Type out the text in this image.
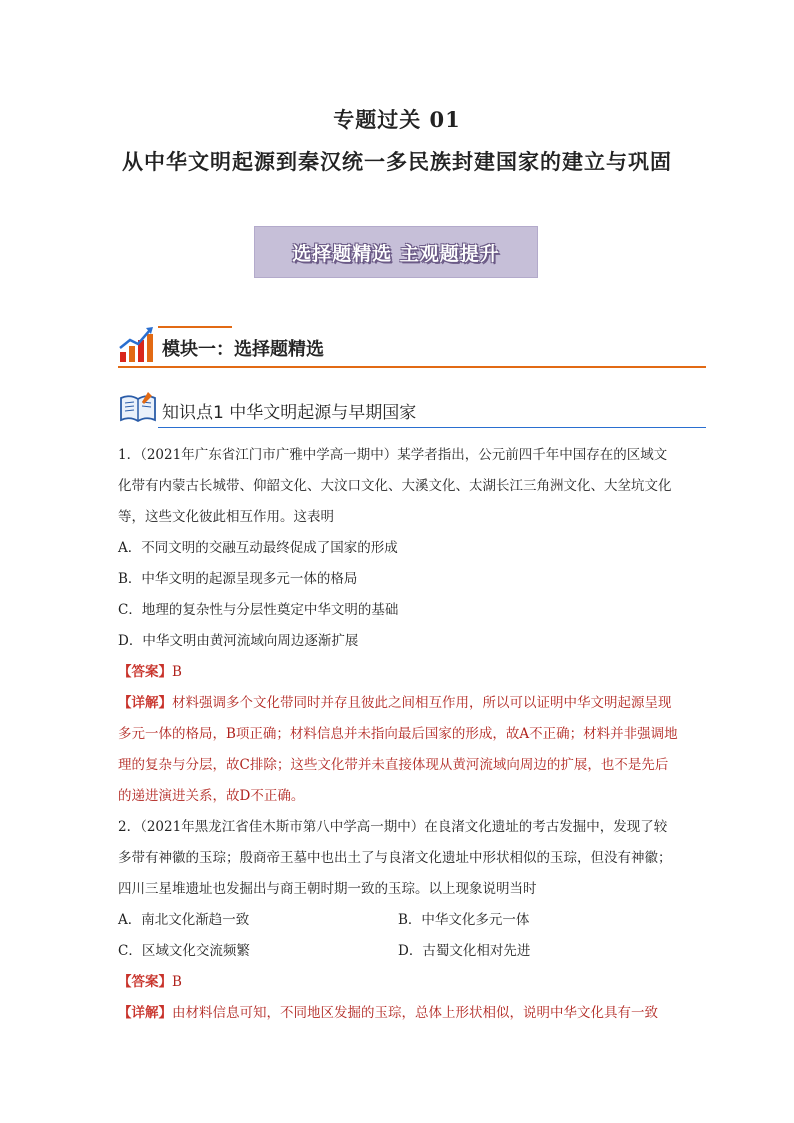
专题过关 01
从中华文明起源到秦汉统一多民族封建国家的建立与巩固
选择题精选 主观题提升
模块一：选择题精选
知识点1 中华文明起源与早期国家

1．（2021年广东省江门市广雅中学高一期中）某学者指出，公元前四千年中国存在的区域文化带有内蒙古长城带、仰韶文化、大汶口文化、大溪文化、太湖长江三角洲文化、大坌坑文化等，这些文化彼此相互作用。这表明

A．不同文明的交融互动最终促成了国家的形成

B．中华文明的起源呈现多元一体的格局

C．地理的复杂性与分层性奠定中华文明的基础

D．中华文明由黄河流域向周边逐渐扩展

【答案】B

【详解】材料强调多个文化带同时并存且彼此之间相互作用，所以可以证明中华文明起源呈现多元一体的格局，B项正确；材料信息并未指向最后国家的形成，故A不正确；材料并非强调地理的复杂与分层，故C排除；这些文化带并未直接体现从黄河流域向周边的扩展，也不是先后的递进演进关系，故D不正确。

2．（2021年黑龙江省佳木斯市第八中学高一期中）在良渚文化遗址的考古发掘中，发现了较多带有神徽的玉琮；殷商帝王墓中也出土了与良渚文化遗址中形状相似的玉琮，但没有神徽；四川三星堆遗址也发掘出与商王朝时期一致的玉琮。以上现象说明当时

A．南北文化渐趋一致	B．中华文化多元一体
C．区域文化交流频繁	D．古蜀文化相对先进

【答案】B

【详解】由材料信息可知，不同地区发掘的玉琮，总体上形状相似，说明中华文化具有一致
